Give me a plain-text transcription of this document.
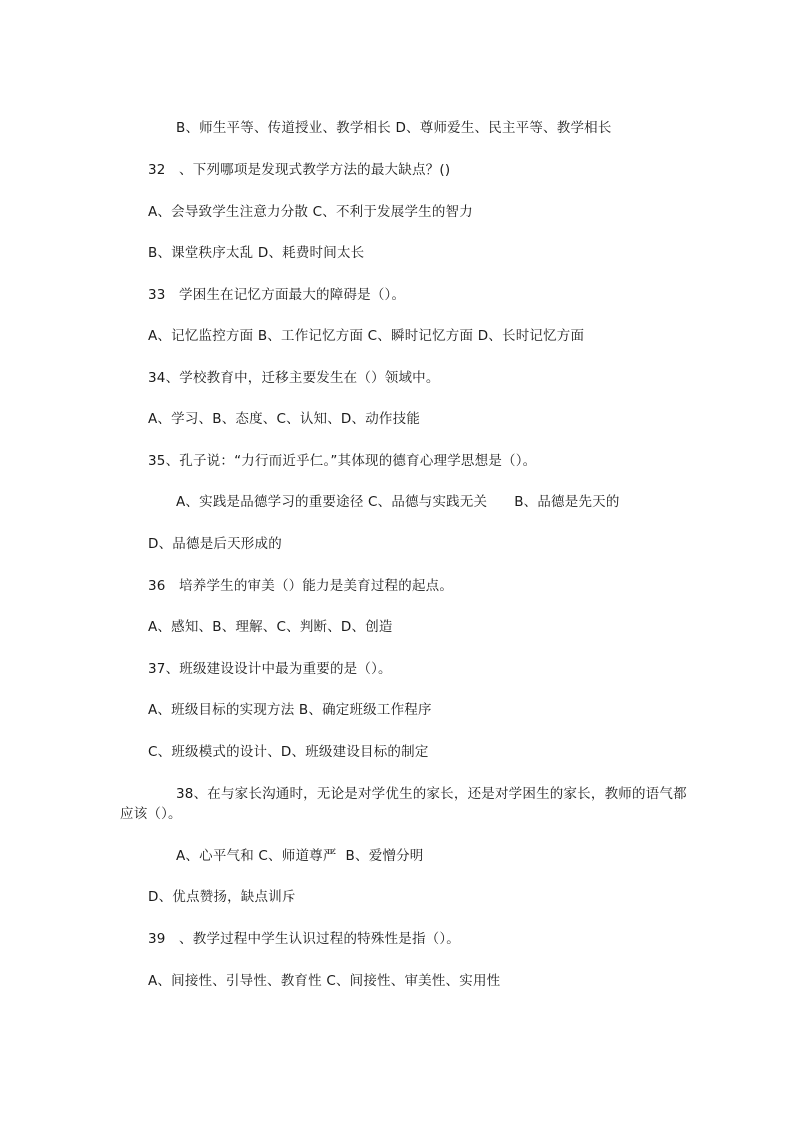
B、师生平等、传道授业、教学相长 D、尊师爱生、民主平等、教学相长
32   、下列哪项是发现式教学方法的最大缺点？()
A、会导致学生注意力分散 C、不利于发展学生的智力
B、课堂秩序太乱 D、耗费时间太长
33   学困生在记忆方面最大的障碍是（）。
A、记忆监控方面 B、工作记忆方面 C、瞬时记忆方面 D、长时记忆方面
34、学校教育中，迁移主要发生在（）领域中。
A、学习、B、态度、C、认知、D、动作技能
35、孔子说：“力行而近乎仁。”其体现的德育心理学思想是（）。
A、实践是品德学习的重要途径 C、品德与实践无关      B、品德是先天的
D、品德是后天形成的
36   培养学生的审美（）能力是美育过程的起点。
A、感知、B、理解、C、判断、D、创造
37、班级建设设计中最为重要的是（）。
A、班级目标的实现方法 B、确定班级工作程序
C、班级模式的设计、D、班级建设目标的制定
38、在与家长沟通时，无论是对学优生的家长，还是对学困生的家长，教师的语气都
应该（）。
A、心平气和 C、师道尊严  B、爱憎分明
D、优点赞扬，缺点训斥
39   、教学过程中学生认识过程的特殊性是指（）。
A、间接性、引导性、教育性 C、间接性、审美性、实用性
